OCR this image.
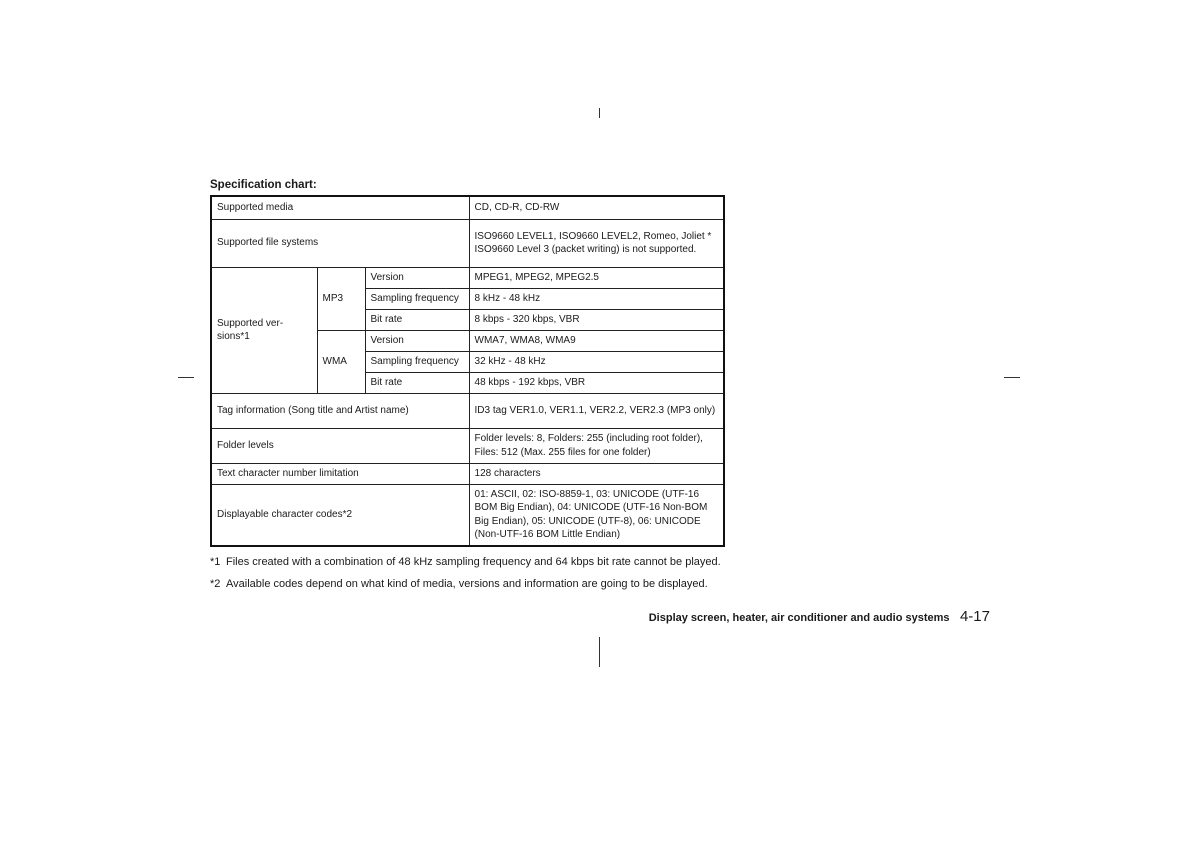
Specification chart:
Supported media			CD, CD-R, CD-RW
Supported file systems			ISO9660 LEVEL1, ISO9660 LEVEL2, Romeo, Joliet * ISO9660 Level 3 (packet writing) is not supported.
Supported versions*1	MP3	Version	MPEG1, MPEG2, MPEG2.5
		Sampling frequency	8 kHz - 48 kHz
		Bit rate	8 kbps - 320 kbps, VBR
	WMA	Version	WMA7, WMA8, WMA9
		Sampling frequency	32 kHz - 48 kHz
		Bit rate	48 kbps - 192 kbps, VBR
Tag information (Song title and Artist name)			ID3 tag VER1.0, VER1.1, VER2.2, VER2.3 (MP3 only)
Folder levels			Folder levels: 8, Folders: 255 (including root folder), Files: 512 (Max. 255 files for one folder)
Text character number limitation			128 characters
Displayable character codes*2			01: ASCII, 02: ISO-8859-1, 03: UNICODE (UTF-16 BOM Big Endian), 04: UNICODE (UTF-16 Non-BOM Big Endian), 05: UNICODE (UTF-8), 06: UNICODE (Non-UTF-16 BOM Little Endian)
*1 Files created with a combination of 48 kHz sampling frequency and 64 kbps bit rate cannot be played.
*2 Available codes depend on what kind of media, versions and information are going to be displayed.
Display screen, heater, air conditioner and audio systems 4-17
